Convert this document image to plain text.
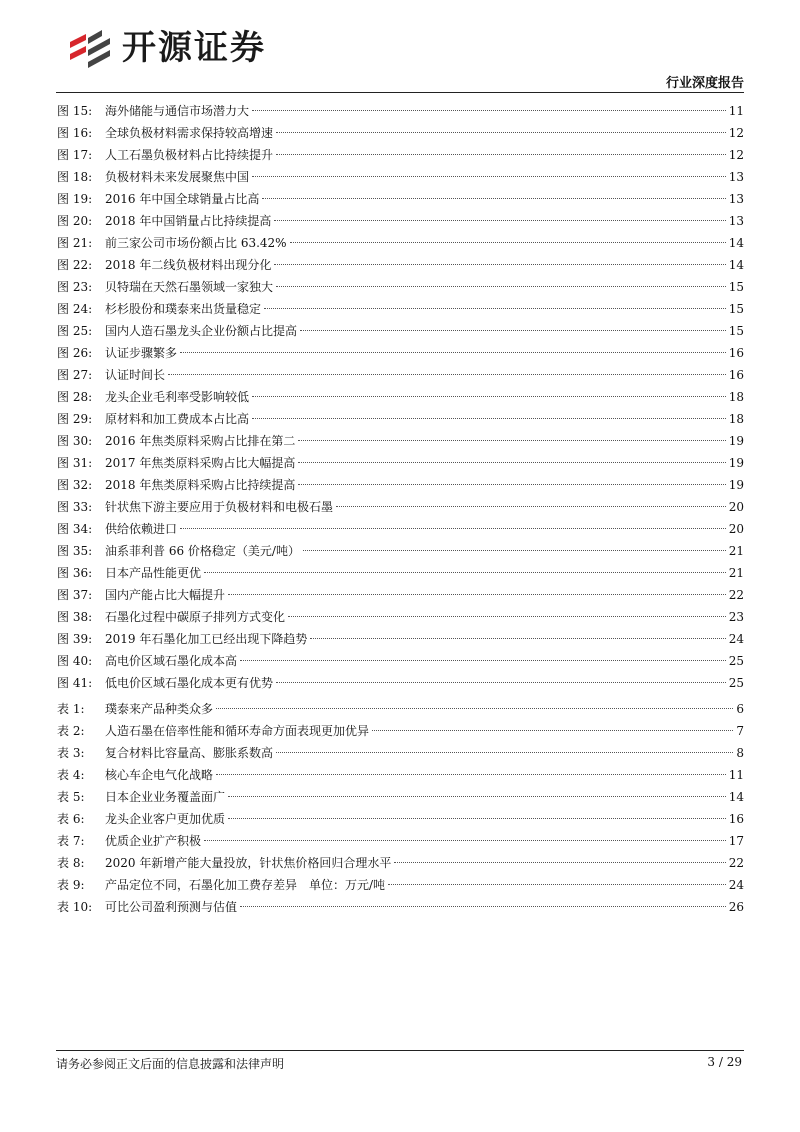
开源证券
行业深度报告
图 15:	海外储能与通信市场潜力大	11
图 16:	全球负极材料需求保持较高增速	12
图 17:	人工石墨负极材料占比持续提升	12
图 18:	负极材料未来发展聚焦中国	13
图 19:	2016 年中国全球销量占比高	13
图 20:	2018 年中国销量占比持续提高	13
图 21:	前三家公司市场份额占比 63.42%	14
图 22:	2018 年二线负极材料出现分化	14
图 23:	贝特瑞在天然石墨领域一家独大	15
图 24:	杉杉股份和璞泰来出货量稳定	15
图 25:	国内人造石墨龙头企业份额占比提高	15
图 26:	认证步骤繁多	16
图 27:	认证时间长	16
图 28:	龙头企业毛利率受影响较低	18
图 29:	原材料和加工费成本占比高	18
图 30:	2016 年焦类原料采购占比排在第二	19
图 31:	2017 年焦类原料采购占比大幅提高	19
图 32:	2018 年焦类原料采购占比持续提高	19
图 33:	针状焦下游主要应用于负极材料和电极石墨	20
图 34:	供给依赖进口	20
图 35:	油系菲利普 66 价格稳定（美元/吨）	21
图 36:	日本产品性能更优	21
图 37:	国内产能占比大幅提升	22
图 38:	石墨化过程中碳原子排列方式变化	23
图 39:	2019 年石墨化加工已经出现下降趋势	24
图 40:	高电价区域石墨化成本高	25
图 41:	低电价区域石墨化成本更有优势	25
表 1:	璞泰来产品种类众多	6
表 2:	人造石墨在倍率性能和循环寿命方面表现更加优异	7
表 3:	复合材料比容量高、膨胀系数高	8
表 4:	核心车企电气化战略	11
表 5:	日本企业业务覆盖面广	14
表 6:	龙头企业客户更加优质	16
表 7:	优质企业扩产积极	17
表 8:	2020 年新增产能大量投放，针状焦价格回归合理水平	22
表 9:	产品定位不同，石墨化加工费存差异　单位：万元/吨	24
表 10:	可比公司盈利预测与估值	26
请务必参阅正文后面的信息披露和法律声明	3 / 29
